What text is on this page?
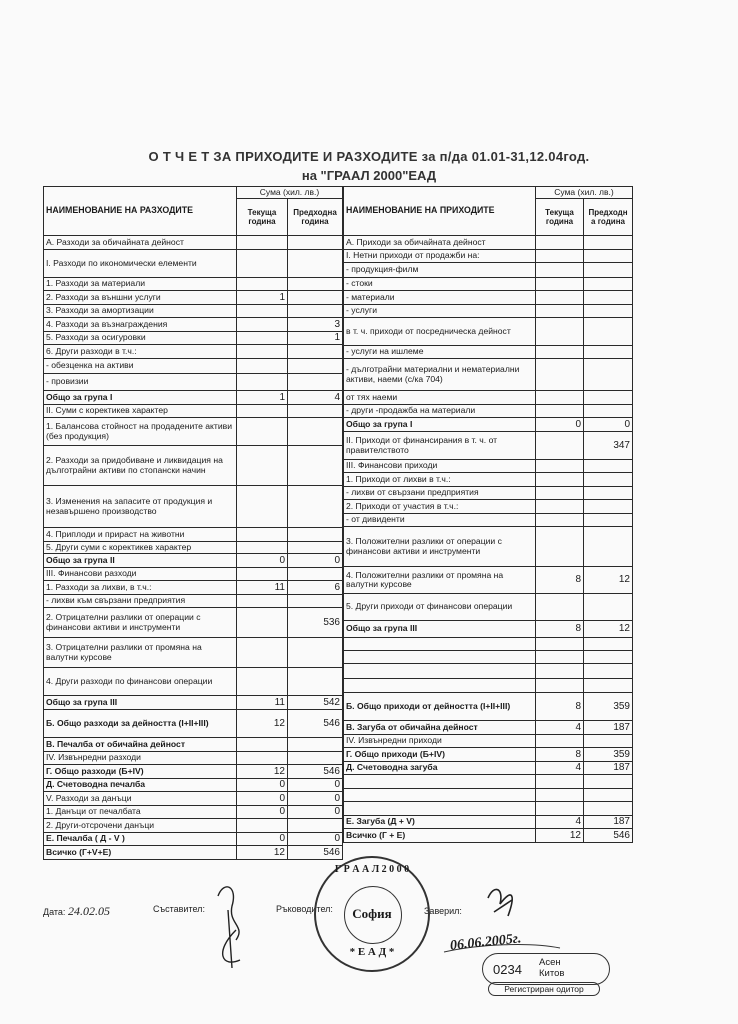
О Т Ч Е Т ЗА ПРИХОДИТЕ И РАЗХОДИТЕ за п/да 01.01-31,12.04год.
на "ГРААЛ 2000"ЕАД
НАИМЕНОВАНИЕ НА РАЗХОДИТЕ	Сума (хил. лв.)	
	Текуща година	Предходна година
А. Разходи за обичайната дейност		
I. Разходи по икономически елементи		
1. Разходи за материали		
2. Разходи за външни услуги	1	
3. Разходи за амортизации		
4. Разходи за възнаграждения		3
5. Разходи за осигуровки		1
6. Други разходи в т.ч.:		
- обезценка на активи		
- провизии		
Общо за група I	1	4
II. Суми с коректикев характер		
1. Балансова стойност на продадените активи (без продукция)		
2. Разходи за придобиване и ликвидация на дълготрайни активи по стопански начин		
3. Изменения на запасите от продукция и незавършено производство		
4. Приплоди и прираст на животни		
5. Други суми с коректикев характер		
Общо за група II	0	0
III. Финансови разходи		
1. Разходи за лихви, в т.ч.:	11	6
- лихви към свързани предприятия		
2. Отрицателни разлики от операции с финансови активи и инструменти		536
3. Отрицателни разлики от промяна на валутни курсове		
4. Други разходи по финансови операции		
Общо за група III	11	542
Б. Общо разходи за дейността (I+II+III)	12	546
В. Печалба от обичайна дейност		
IV. Извънредни разходи		
Г. Общо разходи (Б+IV)	12	546
Д. Счетоводна печалба	0	0
V. Разходи за данъци	0	0
1. Данъци от печалбата	0	0
2. Други-отсрочени данъци		
Е. Печалба ( Д - V )	0	0
Всичко (Г+V+Е)	12	546
НАИМЕНОВАНИЕ НА ПРИХОДИТЕ	Сума (хил. лв.)	
	Текуща година	Предходн а година
А. Приходи за обичайната дейност		
I. Нетни приходи от продажби на:		
- продукция-филм		
- стоки		
- материали		
- услуги		
в т. ч. приходи от посредническа дейност		
- услуги на ишлеме		
- дълготрайни материални и нематериални активи, наеми (с/ка 704)		
от тях наеми		
- други -продажба на материали		
Общо за група I	0	0
II. Приходи от финансирания в т. ч. от правителството		347
III. Финансови приходи		
1. Приходи от лихви в т.ч.:		
- лихви от свързани предприятия		
2. Приходи от участия в т.ч.:		
- от дивиденти		
3. Положителни разлики от операции с финансови активи и инструменти		
4. Положителни разлики от промяна на валутни курсове	8	12
5. Други приходи от финансови операции		
Общо за група III	8	12

Б. Общо приходи от дейността (I+II+III)	8	359
В. Загуба от обичайна дейност	4	187
IV. Извънредни приходи		
Г. Общо приходи (Б+IV)	8	359
Д. Счетоводна загуба	4	187

Е. Загуба (Д + V)	4	187
Всичко (Г + Е)	12	546
Дата: 24.02.05	Съставител:	Ръководител:	Заверил:
Г Р А А Л 2 0 0 0
София
* Е А Д *	06.06.2005г.
0234 Асен
Китов
Регистриран одитор
